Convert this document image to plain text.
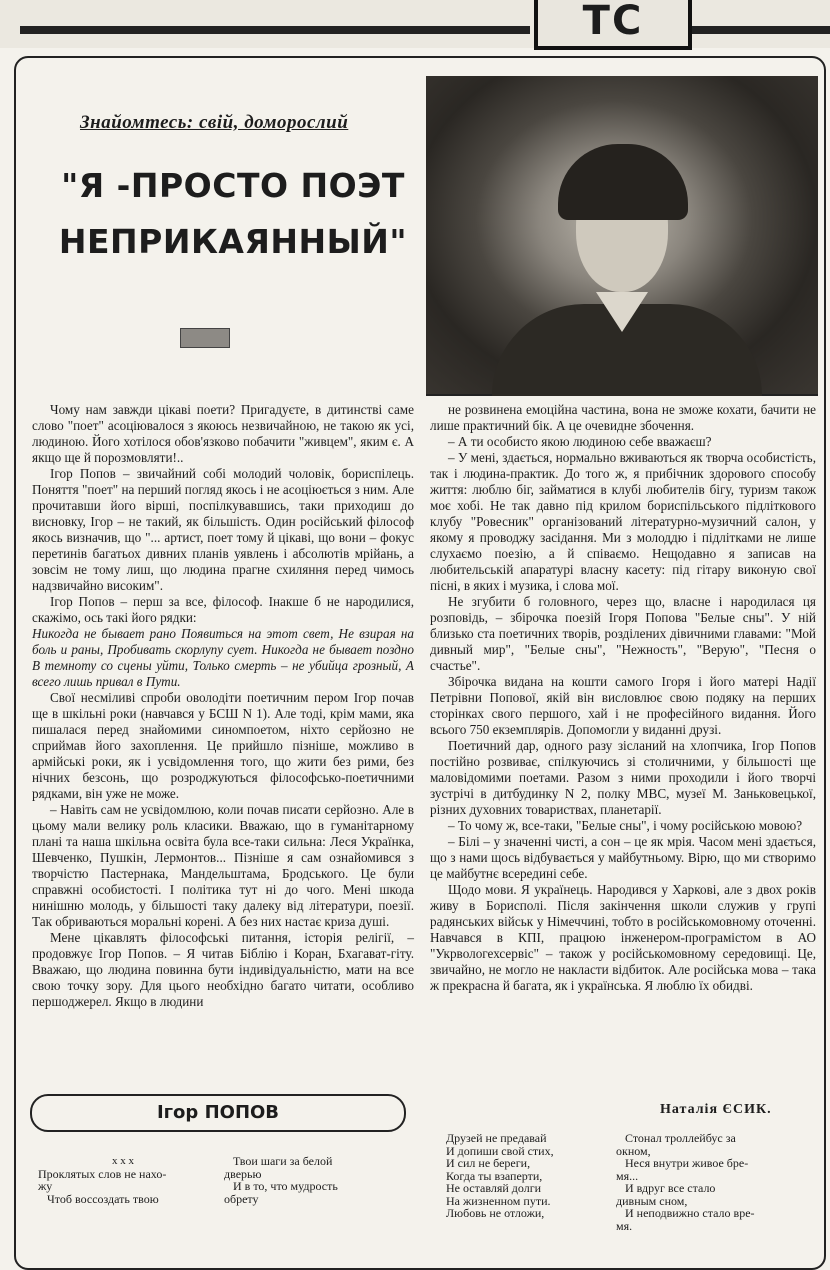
TC
Знайомтесь: свій, доморослий
"Я -ПРОСТО ПОЭТ
НЕПРИКАЯННЫЙ"

Чому нам завжди цікаві поети? Пригадуєте, в дитинстві саме слово "поет" асоціювалося з якоюсь незвичайною, не такою як усі, людиною. Його хотілося обов'язково побачити "живцем", яким є. А якщо ще й порозмовляти!..

Ігор Попов – звичайний собі молодий чоловік, бориспілець. Поняття "поет" на перший погляд якось і не асоціюється з ним. Але прочитавши його вірші, поспілкувавшись, таки приходиш до висновку, Ігор – не такий, як більшість. Один російський філософ якось визначив, що "... артист, поет тому й цікаві, що вони – фокус перетинів багатьох дивних планів уявлень і абсолютів мрійань, а зовсім не тому лиш, що людина прагне схиляння перед чимось надзвичайно високим".

Ігор Попов – перш за все, філософ. Інакше б не народилися, скажімо, ось такі його рядки:

Никогда не бывает рано Появиться на этот свет, Не взирая на боль и раны, Пробивать скорлупу сует. Никогда не бывает поздно В темноту со сцены уйти, Только смерть – не убийца грозный, А всего лишь привал в Пути.

Свої несміливі спроби оволодіти поетичним пером Ігор почав ще в шкільні роки (навчався у БСШ N 1). Але тоді, крім мами, яка пишалася перед знайомими синомпоетом, ніхто серйозно не сприймав його захоплення. Це прийшло пізніше, можливо в армійські роки, як і усвідомлення того, що жити без рими, без нічних безсонь, що розроджуються філософсько-поетичними рядками, він уже не може.

– Навіть сам не усвідомлюю, коли почав писати серйозно. Але в цьому мали велику роль класики. Вважаю, що в гуманітарному плані та наша шкільна освіта була все-таки сильна: Леся Українка, Шевченко, Пушкін, Лермонтов... Пізніше я сам ознайомився з творчістю Пастернака, Мандельштама, Бродського. Це були справжні особистості. І політика тут ні до чого. Мені шкода нинішню молодь, у більшості таку далеку від літератури, поезії. Так обриваються моральні корені. А без них настає криза душі.

Мене цікавлять філософські питання, історія релігії, – продовжує Ігор Попов. – Я читав Біблію і Коран, Бхагават-гіту. Вважаю, що людина повинна бути індивідуальністю, мати на все свою точку зору. Для цього необхідно багато читати, особливо першоджерел. Якщо в людини

не розвинена емоційна частина, вона не зможе кохати, бачити не лише практичний бік. А це очевидне збочення.

– А ти особисто якою людиною себе вважаєш?

– У мені, здається, нормально вживаються як творча особистість, так і людина-практик. До того ж, я прибічник здорового способу життя: люблю біг, займатися в клубі любителів бігу, туризм також моє хобі. Не так давно під крилом бориспільського підліткового клубу "Ровесник" організований літературно-музичний салон, у якому я проводжу засідання. Ми з молоддю і підлітками не лише слухаємо поезію, а й співаємо. Нещодавно я записав на любительській апаратурі власну касету: під гітару виконую свої пісні, в яких і музика, і слова мої.

Не згубити б головного, через що, власне і народилася ця розповідь, – збірочка поезій Ігоря Попова "Белые сны". У ній близько ста поетичних творів, розділених дівичними главами: "Мой дивный мир", "Белые сны", "Нежность", "Верую", "Песня о счастье".

Збірочка видана на кошти самого Ігоря і його матері Надії Петрівни Попової, якій він висловлює свою подяку на перших сторінках свого першого, хай і не професійного видання. Його всього 750 екземплярів. Допомогли у виданні друзі.

Поетичний дар, одного разу зісланий на хлопчика, Ігор Попов постійно розвиває, спілкуючись зі столичними, у більшості ще маловідомими поетами. Разом з ними проходили і його творчі зустрічі в дитбудинку N 2, полку МВС, музеї М. Заньковецької, різних духовних товариствах, планетарії.

– То чому ж, все-таки, "Белые сны", і чому російською мовою?

– Білі – у значенні чисті, а сон – це як мрія. Часом мені здається, що з нами щось відбувається у майбутньому. Вірю, що ми створимо це майбутнє всередині себе.

Щодо мови. Я українець. Народився у Харкові, але з двох років живу в Борисполі. Після закінчення школи служив у групі радянських військ у Німеччині, тобто в російськомовному оточенні. Навчався в КПІ, працюю інженером-програмістом в АО "Укрвологехсервіс" – також у російськомовному середовищі. Це, звичайно, не могло не накласти відбиток. Але російська мова – така ж прекрасна й багата, як і українська. Я люблю їх обидві.

Наталія ЄСИК.
Ігор ПОПОВ
х х х
Проклятых слов не нахо-
жу
Чтоб воссоздать твою
Твои шаги за белой
дверью
И в то, что мудрость
обрету
Друзей не предавай
И допиши свой стих,
И сил не береги,
Когда ты взаперти,
Не оставляй долги
На жизненном пути.
Любовь не отложи,
Стонал троллейбус за
окном,
Неся внутри живое бре-
мя...
И вдруг все стало
дивным сном,
И неподвижно стало вре-
мя.
